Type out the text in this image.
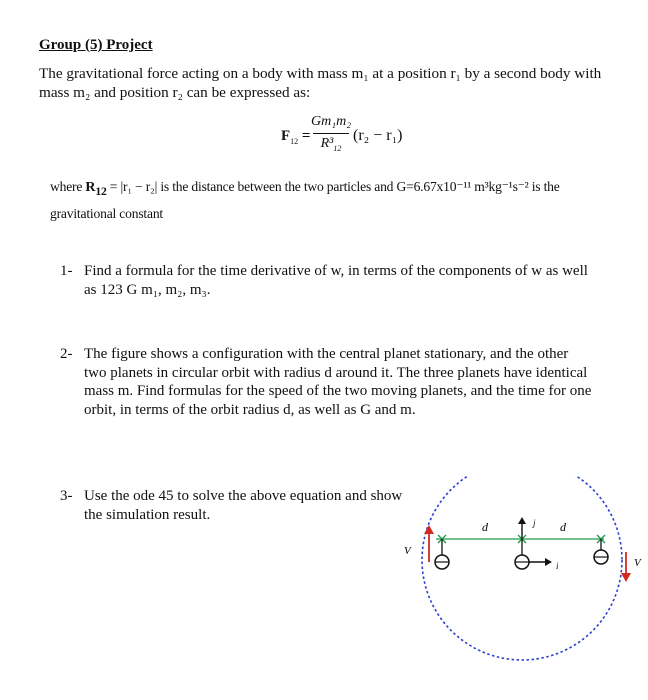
Group (5) Project
The gravitational force acting on a body with mass m₁ at a position r₁ by a second body with mass m₂ and position r₂ can be expressed as:
$F_{12}$ =
Gm₁m₂
$R^3_{12}$
(r₂ − r₁)
where $R_{12} = |r_1 - r_2|$ is the distance between the two particles and G=6.67x10⁻¹¹ m³kg⁻¹s⁻² is the gravitational constant
1- Find a formula for the time derivative of w, in terms of the components of w as well as 123 G m₁, m₂, m₃.
2- The figure shows a configuration with the central planet stationary, and the other two planets in circular orbit with radius d around it. The three planets have identical mass m. Find formulas for the speed of the two moving planets, and the time for one orbit, in terms of the orbit radius d, as well as G and m.
3- Use the ode 45 to solve the above equation and show the simulation result.
j
d	d
i
V
V
